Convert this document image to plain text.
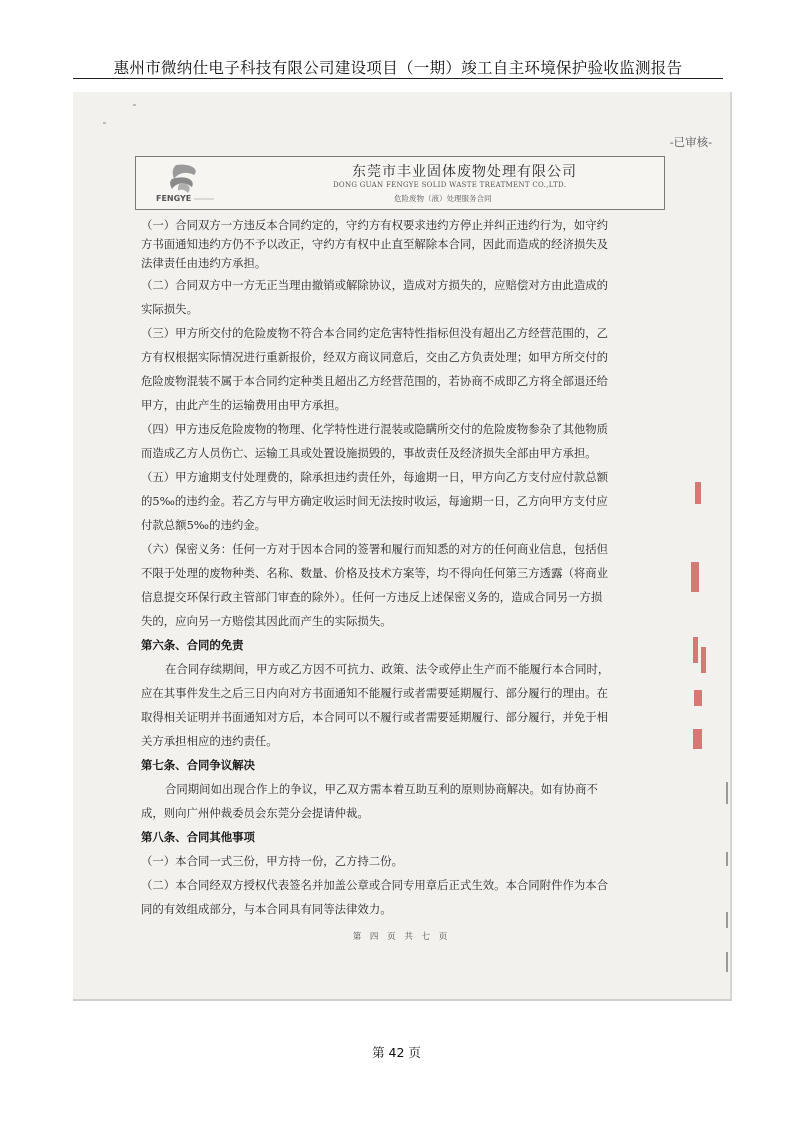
惠州市微纳仕电子科技有限公司建设项目（一期）竣工自主环境保护验收监测报告
-已审核-
FENGYE
东莞市丰业固体废物处理有限公司
DONG GUAN FENGYE SOLID WASTE TREATMENT CO.,LTD.
危险废物（液）处理服务合同
（一）合同双方一方违反本合同约定的，守约方有权要求违约方停止并纠正违约行为，如守约
方书面通知违约方仍不予以改正，守约方有权中止直至解除本合同，因此而造成的经济损失及
法律责任由违约方承担。
（二）合同双方中一方无正当理由撤销或解除协议，造成对方损失的，应赔偿对方由此造成的
实际损失。
（三）甲方所交付的危险废物不符合本合同约定危害特性指标但没有超出乙方经营范围的，乙
方有权根据实际情况进行重新报价，经双方商议同意后，交由乙方负责处理；如甲方所交付的
危险废物混装不属于本合同约定种类且超出乙方经营范围的，若协商不成即乙方将全部退还给
甲方，由此产生的运输费用由甲方承担。
（四）甲方违反危险废物的物理、化学特性进行混装或隐瞒所交付的危险废物参杂了其他物质
而造成乙方人员伤亡、运输工具或处置设施损毁的，事故责任及经济损失全部由甲方承担。
（五）甲方逾期支付处理费的，除承担违约责任外，每逾期一日，甲方向乙方支付应付款总额
的5‰的违约金。若乙方与甲方确定收运时间无法按时收运，每逾期一日，乙方向甲方支付应
付款总额5‰的违约金。
（六）保密义务：任何一方对于因本合同的签署和履行而知悉的对方的任何商业信息，包括但
不限于处理的废物种类、名称、数量、价格及技术方案等，均不得向任何第三方透露（将商业
信息提交环保行政主管部门审查的除外）。任何一方违反上述保密义务的，造成合同另一方损
失的，应向另一方赔偿其因此而产生的实际损失。
第六条、合同的免责
在合同存续期间，甲方或乙方因不可抗力、政策、法令或停止生产而不能履行本合同时，
应在其事件发生之后三日内向对方书面通知不能履行或者需要延期履行、部分履行的理由。在
取得相关证明并书面通知对方后，本合同可以不履行或者需要延期履行、部分履行，并免于相
关方承担相应的违约责任。
第七条、合同争议解决
合同期间如出现合作上的争议，甲乙双方需本着互助互利的原则协商解决。如有协商不
成，则向广州仲裁委员会东莞分会提请仲裁。
第八条、合同其他事项
（一）本合同一式三份，甲方持一份，乙方持二份。
（二）本合同经双方授权代表签名并加盖公章或合同专用章后正式生效。本合同附件作为本合
同的有效组成部分，与本合同具有同等法律效力。
第 四 页 共 七 页
第 42 页
